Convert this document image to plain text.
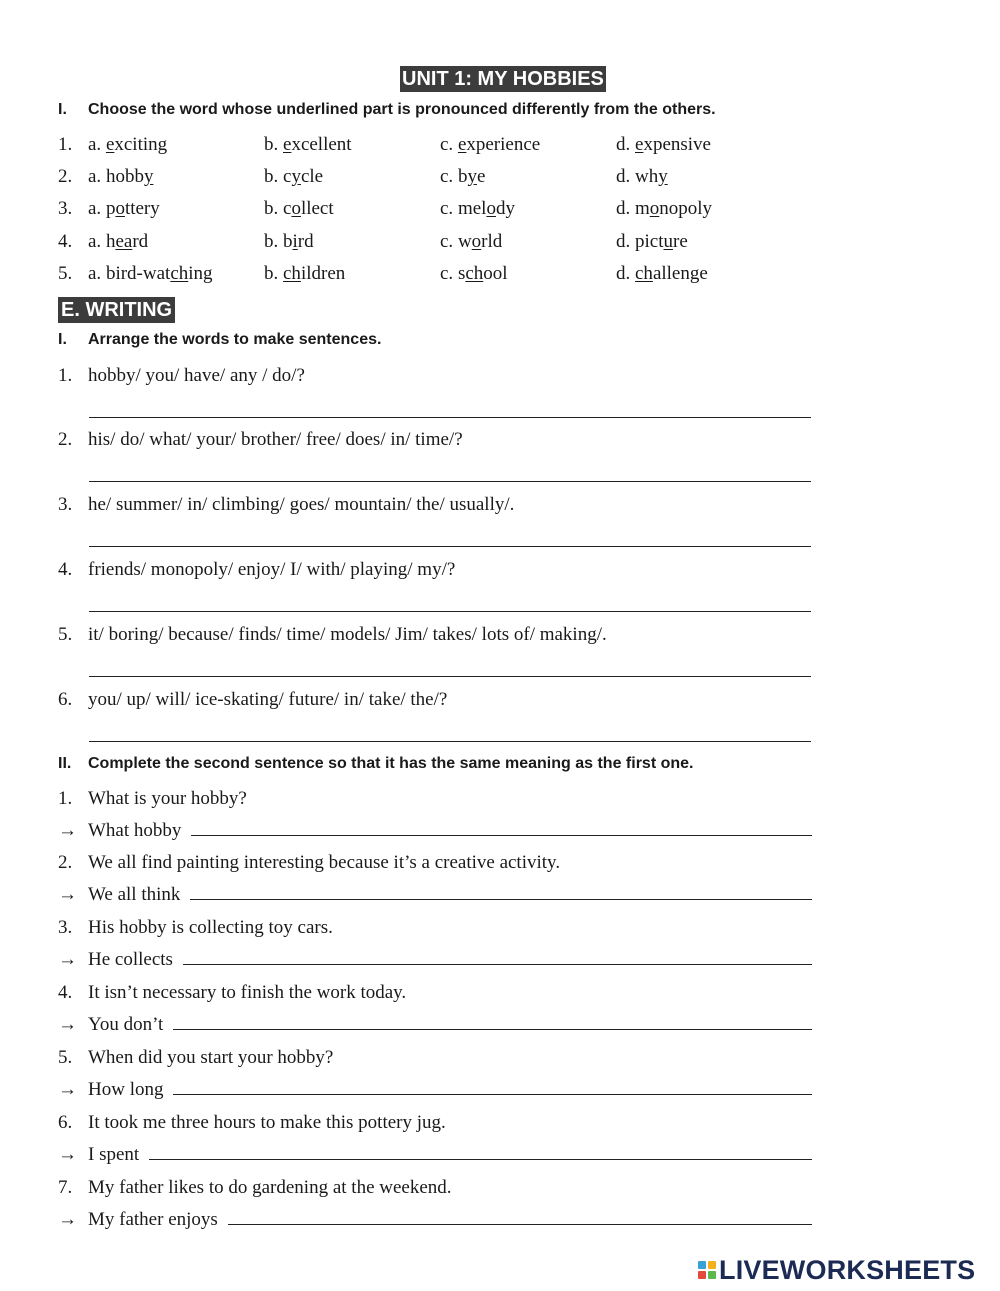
UNIT 1: MY HOBBIES
I. Choose the word whose underlined part is pronounced differently from the others.
1. a. exciting	b. excellent	c. experience	d. expensive
2. a. hobby	b. cycle	c. bye	d. why
3. a. pottery	b. collect	c. melody	d. monopoly
4. a. heard	b. bird	c. world	d. picture
5. a. bird-watching	b. children	c. school	d. challenge
E. WRITING
I. Arrange the words to make sentences.
1. hobby/ you/ have/ any / do/?
2. his/ do/ what/ your/ brother/ free/ does/ in/ time/?
3. he/ summer/ in/ climbing/ goes/ mountain/ the/ usually/.
4. friends/ monopoly/ enjoy/ I/ with/ playing/ my/?
5. it/ boring/ because/ finds/ time/ models/ Jim/ takes/ lots of/ making/.
6. you/ up/ will/ ice-skating/ future/ in/ take/ the/?
II. Complete the second sentence so that it has the same meaning as the first one.
1. What is your hobby?
→ What hobby
2. We all find painting interesting because it’s a creative activity.
→ We all think
3. His hobby is collecting toy cars.
→ He collects
4. It isn’t necessary to finish the work today.
→ You don’t
5. When did you start your hobby?
→ How long
6. It took me three hours to make this pottery jug.
→ I spent
7. My father likes to do gardening at the weekend.
→ My father enjoys
LIVEWORKSHEETS
